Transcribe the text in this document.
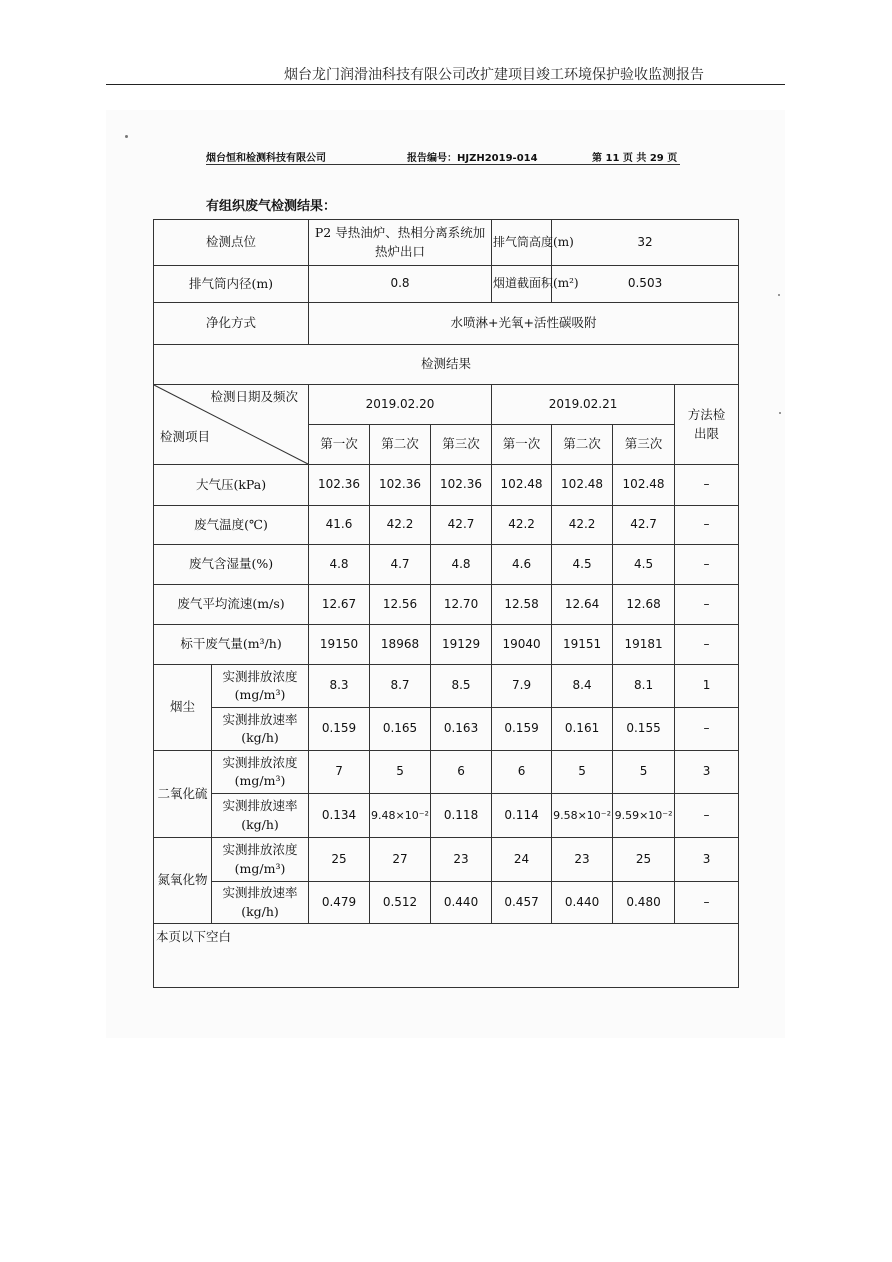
烟台龙门润滑油科技有限公司改扩建项目竣工环境保护验收监测报告
烟台恒和检测科技有限公司	报告编号：HJZH2019-014	第 11 页 共 29 页
有组织废气检测结果：
检测点位		P2 导热油炉、热相分离系统加热炉出口			排气筒高度(m)	32		
排气筒内径(m)		0.8			烟道截面积(m²)	0.503		
净化方式		水喷淋+光氧+活性碳吸附						
检测结果								

检测日期及频次
检测项目		2019.02.20			2019.02.21			方法检出限
		第一次	第二次	第三次	第一次	第二次	第三次	
大气压(kPa)		102.36	102.36	102.36	102.48	102.48	102.48	–
废气温度(℃)		41.6	42.2	42.7	42.2	42.2	42.7	–
废气含湿量(%)		4.8	4.7	4.8	4.6	4.5	4.5	–
废气平均流速(m/s)		12.67	12.56	12.70	12.58	12.64	12.68	–
标干废气量(m³/h)		19150	18968	19129	19040	19151	19181	–
烟尘	实测排放浓度(mg/m³)	8.3	8.7	8.5	7.9	8.4	8.1	1
	实测排放速率(kg/h)	0.159	0.165	0.163	0.159	0.161	0.155	–
二氧化硫	实测排放浓度(mg/m³)	7	5	6	6	5	5	3
	实测排放速率(kg/h)	0.134	9.48×10⁻²	0.118	0.114	9.58×10⁻²	9.59×10⁻²	–
氮氧化物	实测排放浓度(mg/m³)	25	27	23	24	23	25	3
	实测排放速率(kg/h)	0.479	0.512	0.440	0.457	0.440	0.480	–
本页以下空白								
